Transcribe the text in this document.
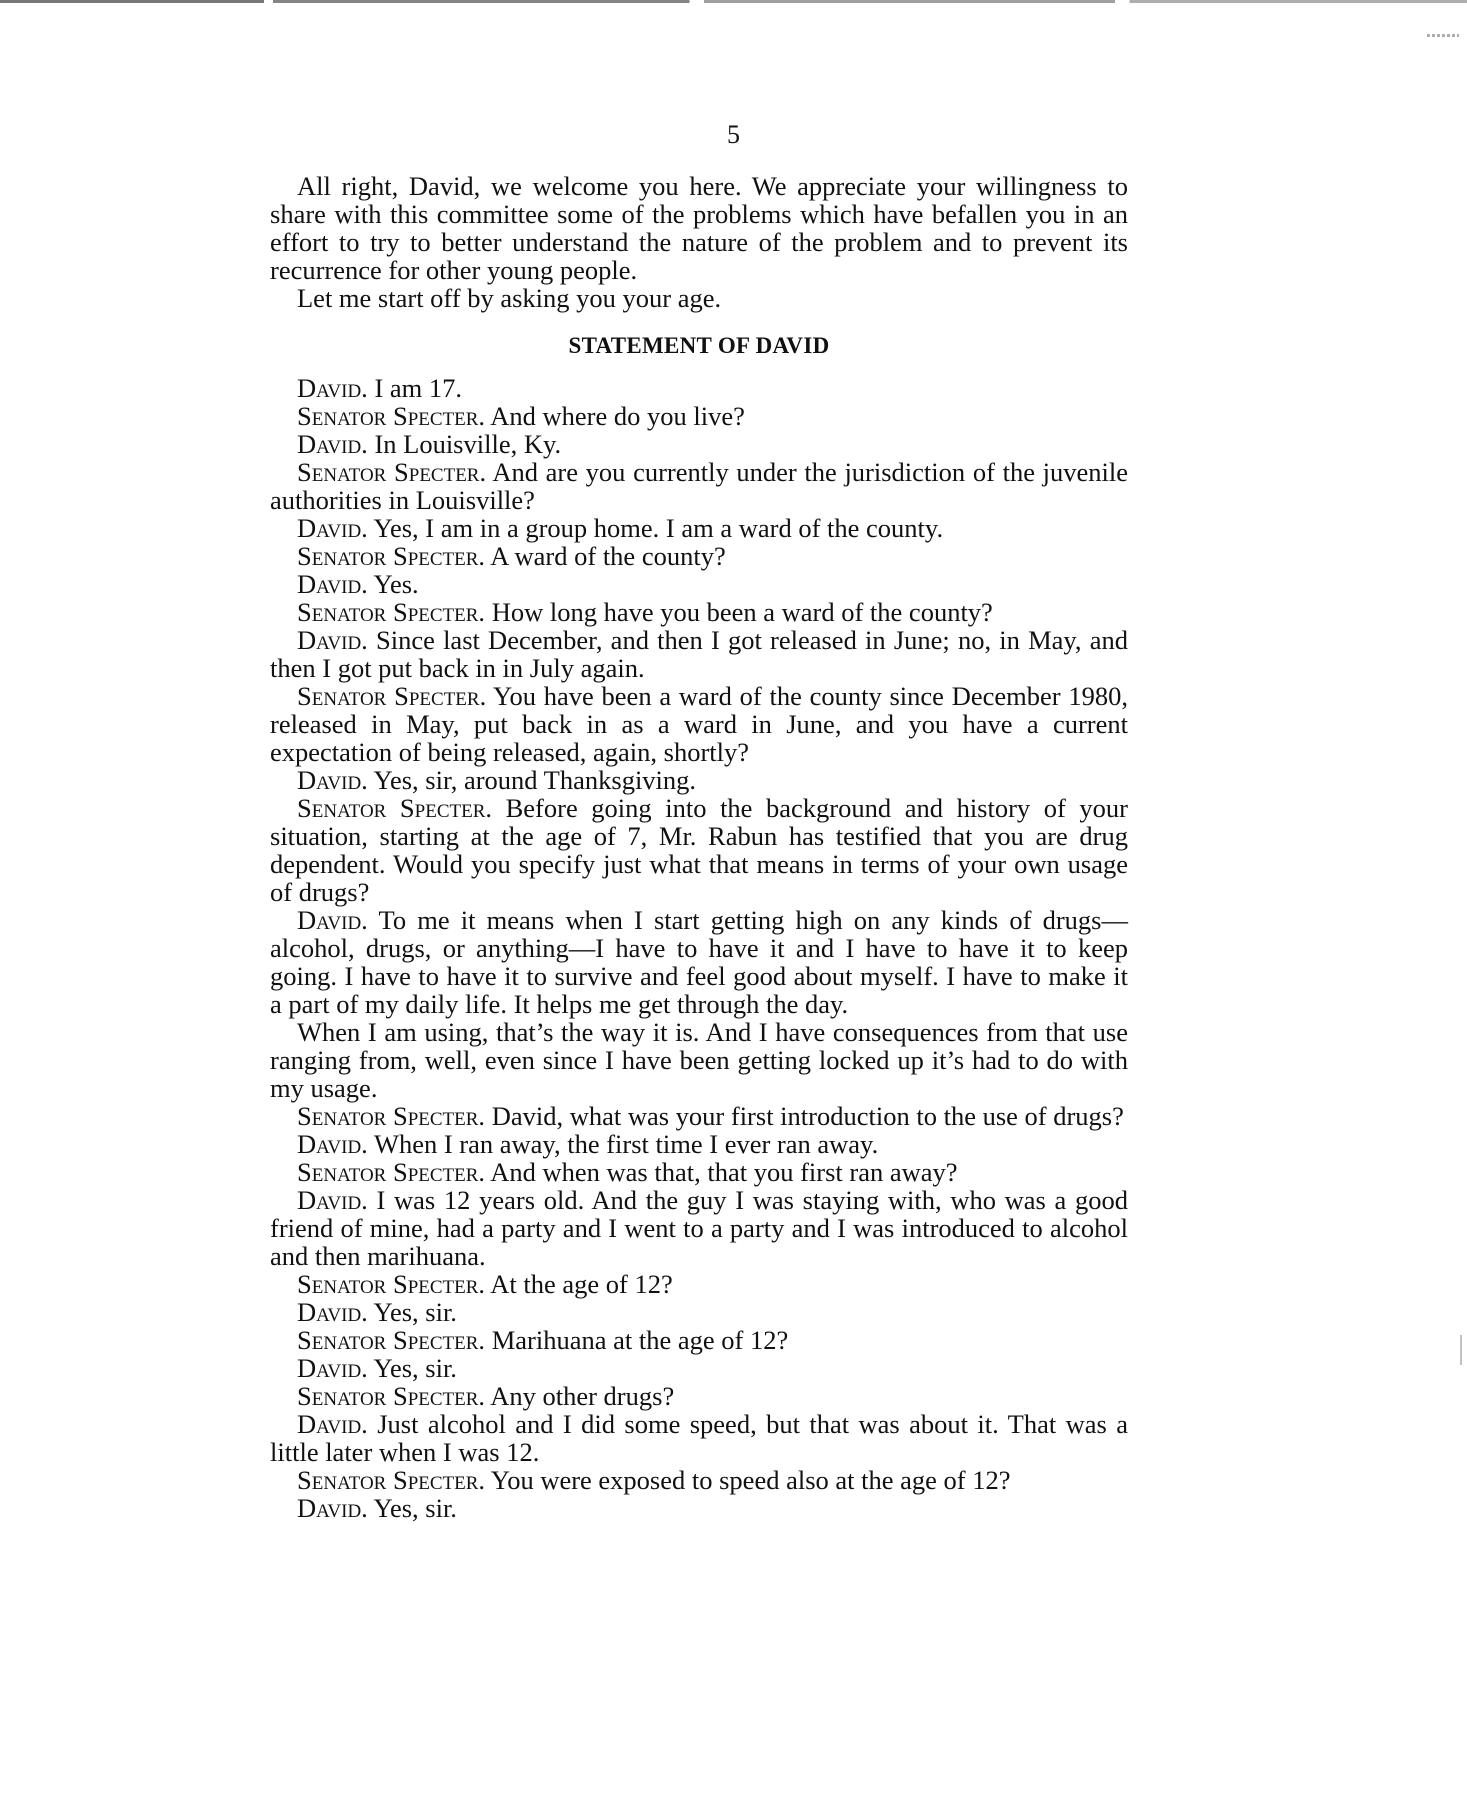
5

All right, David, we welcome you here. We appreciate your willingness to share with this committee some of the problems which have befallen you in an effort to try to better understand the nature of the problem and to prevent its recurrence for other young people.

Let me start off by asking you your age.

STATEMENT OF DAVID

David. I am 17.

Senator Specter. And where do you live?

David. In Louisville, Ky.

Senator Specter. And are you currently under the jurisdiction of the juvenile authorities in Louisville?

David. Yes, I am in a group home. I am a ward of the county.

Senator Specter. A ward of the county?

David. Yes.

Senator Specter. How long have you been a ward of the county?

David. Since last December, and then I got released in June; no, in May, and then I got put back in in July again.

Senator Specter. You have been a ward of the county since December 1980, released in May, put back in as a ward in June, and you have a current expectation of being released, again, shortly?

David. Yes, sir, around Thanksgiving.

Senator Specter. Before going into the background and history of your situation, starting at the age of 7, Mr. Rabun has testified that you are drug dependent. Would you specify just what that means in terms of your own usage of drugs?

David. To me it means when I start getting high on any kinds of drugs—alcohol, drugs, or anything—I have to have it and I have to have it to keep going. I have to have it to survive and feel good about myself. I have to make it a part of my daily life. It helps me get through the day.

When I am using, that’s the way it is. And I have consequences from that use ranging from, well, even since I have been getting locked up it’s had to do with my usage.

Senator Specter. David, what was your first introduction to the use of drugs?

David. When I ran away, the first time I ever ran away.

Senator Specter. And when was that, that you first ran away?

David. I was 12 years old. And the guy I was staying with, who was a good friend of mine, had a party and I went to a party and I was introduced to alcohol and then marihuana.

Senator Specter. At the age of 12?

David. Yes, sir.

Senator Specter. Marihuana at the age of 12?

David. Yes, sir.

Senator Specter. Any other drugs?

David. Just alcohol and I did some speed, but that was about it. That was a little later when I was 12.

Senator Specter. You were exposed to speed also at the age of 12?

David. Yes, sir.
